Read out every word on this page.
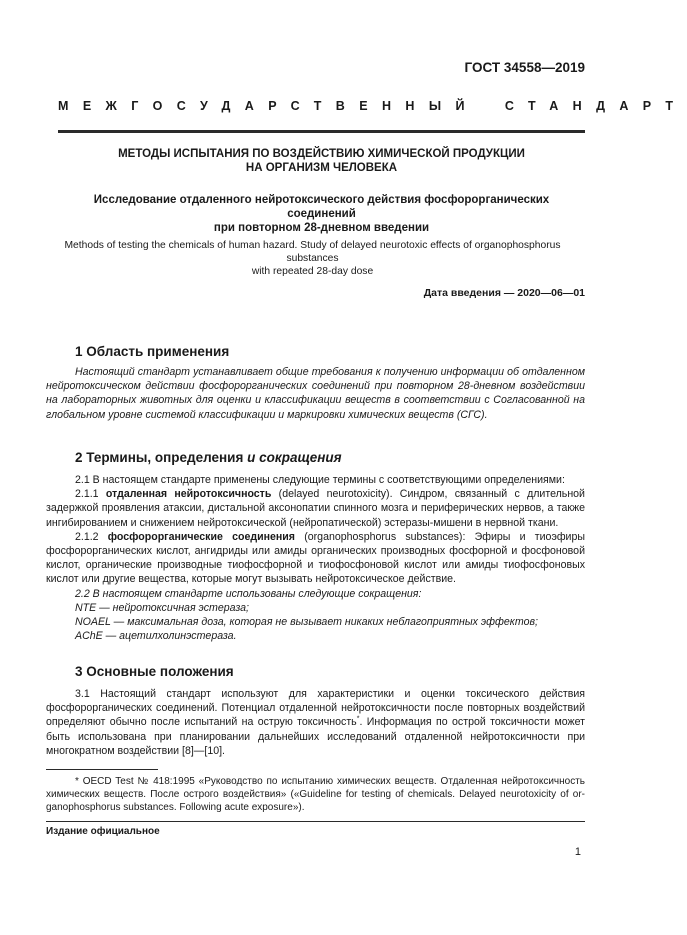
ГОСТ 34558—2019
МЕЖГОСУДАРСТВЕННЫЙ СТАНДАРТ
МЕТОДЫ ИСПЫТАНИЯ ПО ВОЗДЕЙСТВИЮ ХИМИЧЕСКОЙ ПРОДУКЦИИ
НА ОРГАНИЗМ ЧЕЛОВЕКА
Исследование отдаленного нейротоксического действия фосфорорганических соединений
при повторном 28-дневном введении
Methods of testing the chemicals of human hazard. Study of delayed neurotoxic effects of organophosphorus substances
with repeated 28-day dose
Дата введения — 2020—06—01
1 Область применения

Настоящий стандарт устанавливает общие требования к получению информации об отдаленном нейротоксическом действии фосфорорганических соединений при повторном 28-дневном воздействии на лабораторных животных для оценки и классификации веществ в соответствии с Согласованной на глобальном уровне системой классификации и маркировки химических веществ (СГС).

2 Термины, определения и сокращения

2.1 В настоящем стандарте применены следующие термины с соответствующими определениями:

2.1.1 отдаленная нейротоксичность (delayed neurotoxicity). Синдром, связанный с длительной задержкой проявления атаксии, дистальной аксонопатии спинного мозга и периферических нервов, а также ингибированием и снижением нейротоксической (нейропатической) эстеразы-мишени в нервной ткани.

2.1.2 фосфорорганические соединения (organophosphorus substances): Эфиры и тиоэфиры фосфорорганических кислот, ангидриды или амиды органических производных фосфорной и фосфоновой кислот, органические производные тиофосфорной и тиофосфоновой кислот или амиды тиофосфоновых кислот или другие вещества, которые могут вызывать нейротоксическое действие.

2.2 В настоящем стандарте использованы следующие сокращения:

NTE — нейротоксичная эстераза;

NOAEL — максимальная доза, которая не вызывает никаких неблагоприятных эффектов;

AChE — ацетилхолинэстераза.

3 Основные положения

3.1 Настоящий стандарт используют для характеристики и оценки токсического действия фосфорорганических соединений. Потенциал отдаленной нейротоксичности после повторных воздействий определяют обычно после испытаний на острую токсичность*. Информация по острой токсичности может быть использована при планировании дальнейших исследований отдаленной нейротоксичности при многократном воздействии [8]—[10].

* OECD Test № 418:1995 «Руководство по испытанию химических веществ. Отдаленная нейротоксичность химических веществ. После острого воздействия» («Guideline for testing of chemicals. Delayed neurotoxicity of organophosphorus substances. Following acute exposure»).
Издание официальное
1
